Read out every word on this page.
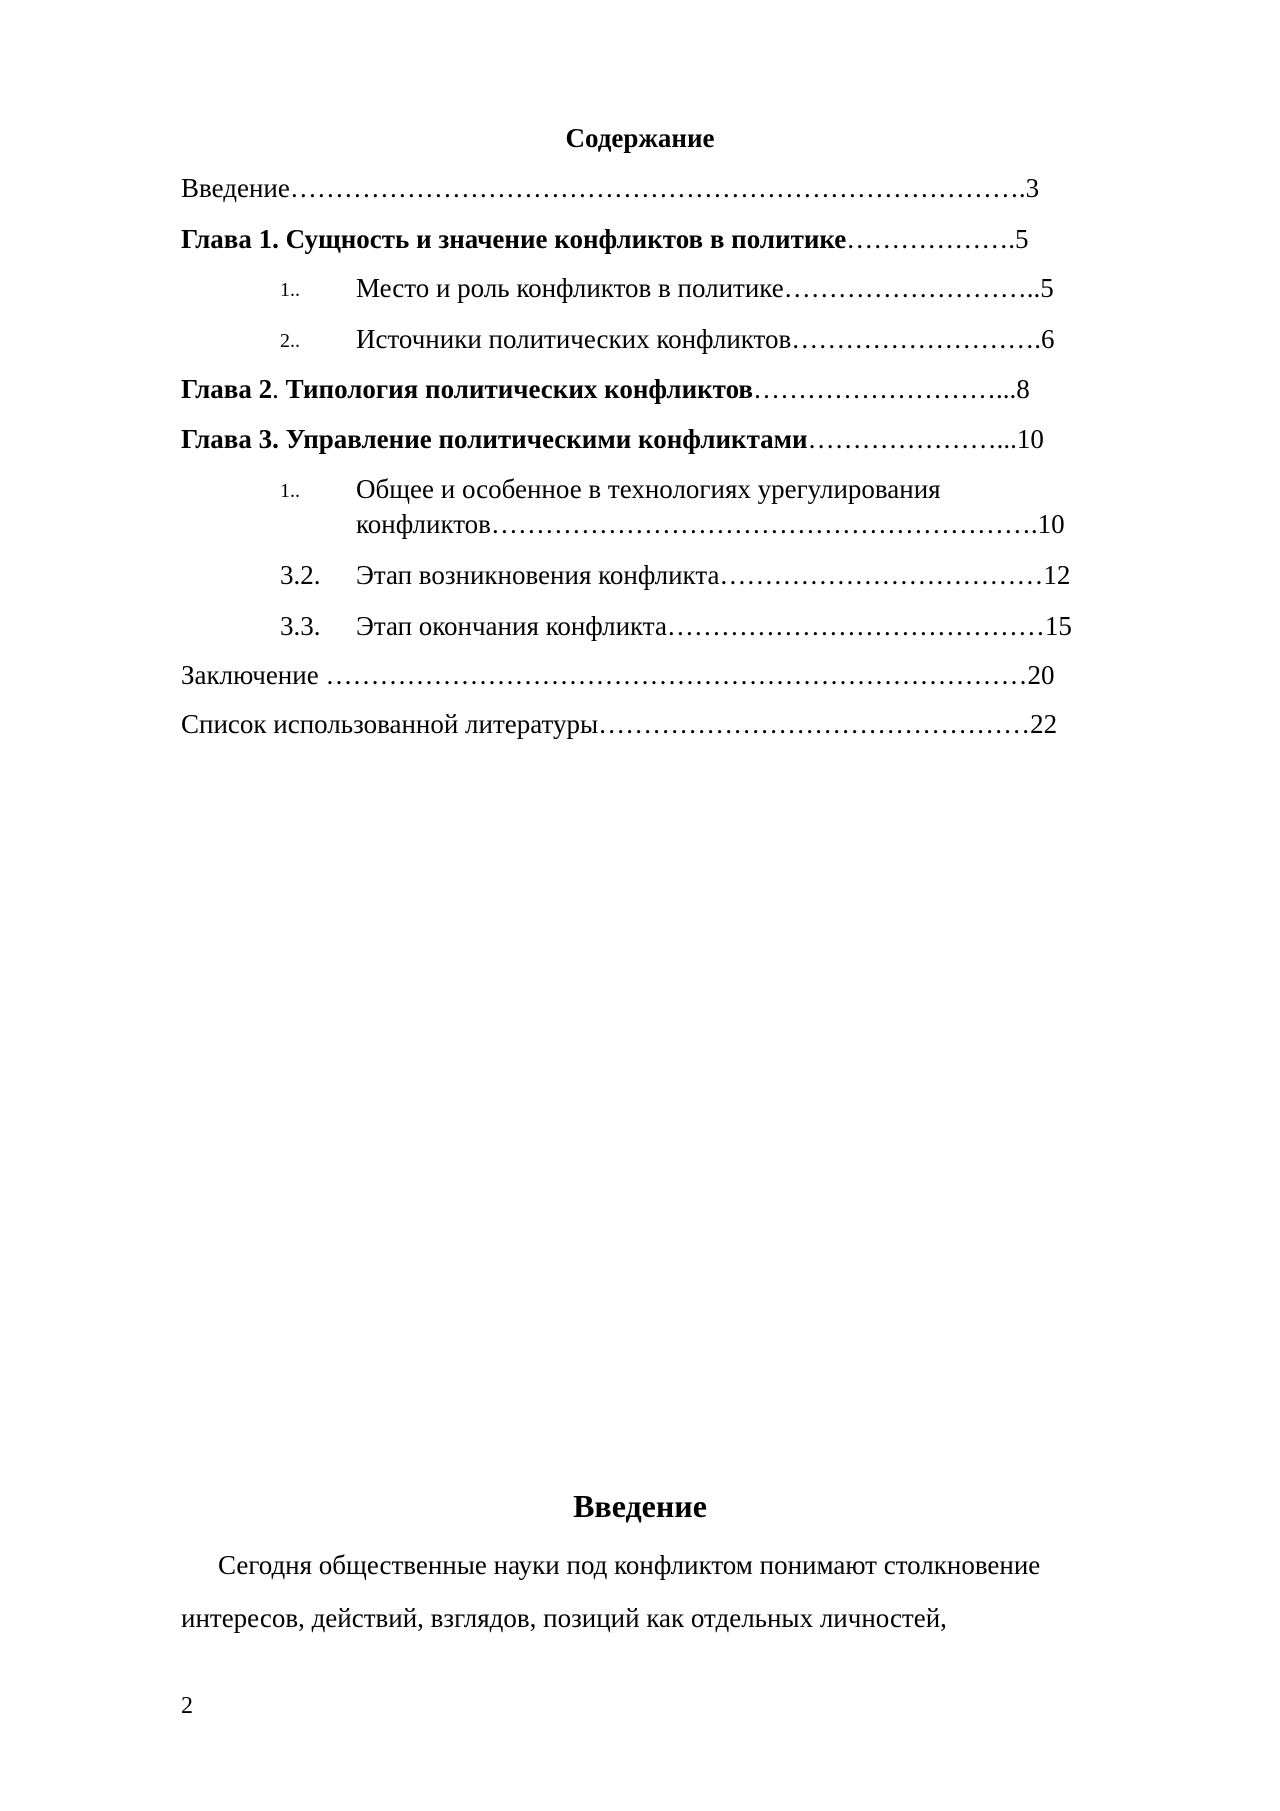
Содержание
Введение……………………………………………………………………….3
Глава 1. Сущность и значение конфликтов в политике……………….5
1.. Место и роль конфликтов в политике………………………..5
2.. Источники политических конфликтов……………………….6
Глава 2. Типология политических конфликтов………………………...8
Глава 3. Управление политическими конфликтами…………………...10
1.. Общее и особенное в технологиях урегулирования
конфликтов…………………………………………………….10
3.2. Этап возникновения конфликта………………………………12
3.3. Этап окончания конфликта……………………………………15
Заключение ……………………………………………………………………20
Список использованной литературы…………………………………………22
Введение
Сегодня общественные науки под конфликтом понимают столкновение
интересов, действий, взглядов, позиций как отдельных личностей,
2
